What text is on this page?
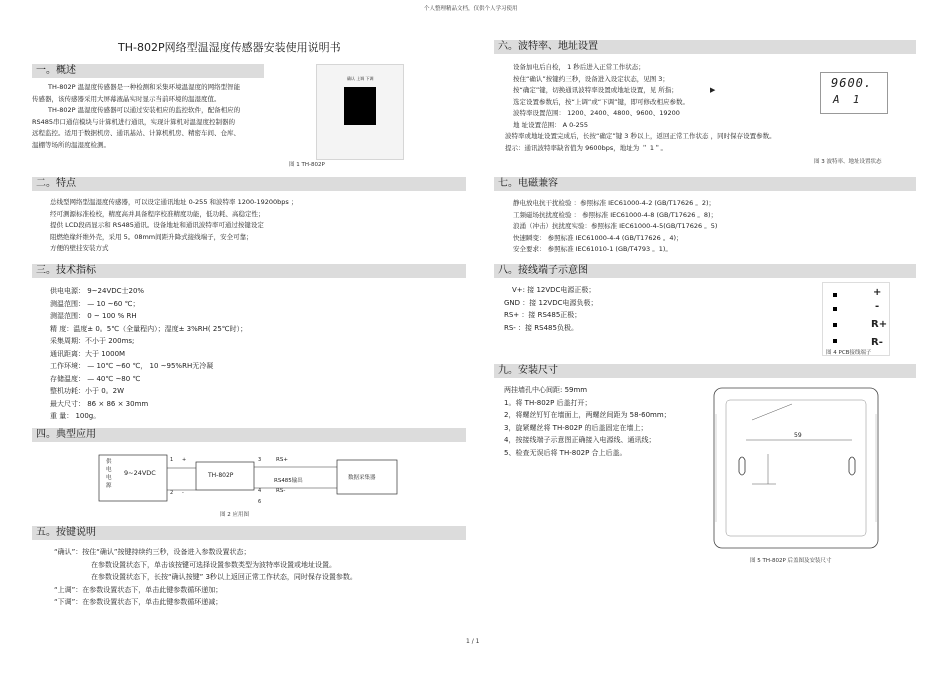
个人整理精品文档，仅供个人学习使用
TH-802P网络型温湿度传感器安装使用说明书
一。概述
TH-802P 温湿度传感器是一种检测和采集环境温湿度的网络型智能
传感器，该传感器采用大屏幕液晶实时显示当前环境的温湿度值。
TH-802P 温湿度传感器可以通过安装相应的监控软件，配备相应的
RS485串口通信模块与计算机进行通讯，实现计算机对温湿度控制器的
远程监控。适用于数据机房、通讯基站、计算机机房、精密车间、仓库、
温棚等场所的温湿度检测。
确认 上调 下调
图 1 TH-802P
二。特点
总线型网络型温湿度传感器，可以设定通讯地址 0-255 和波特率 1200-19200bps ；
经可测源标准检校，精度高并具备程序校准精度功能，低功耗、高稳定性；
提供 LCD段码显示和 RS485通讯。设备地址和通讯波特率可通过按键设定
阻燃绝缘纤维外壳，采用 5。08mm间距升降式接线端子，安全可靠；
方便的壁挂安装方式
三。技术指标
供电电源： 9~24VDC士20%
测温范围： — 10 ~60 ℃；
测湿范围： 0 ~ 100 % RH
精 度：温度± 0。5℃（全量程内）；湿度± 3%RH( 25℃时）；
采集周期：不小于 200ms;
通讯距离：大于 1000M
工作环境： — 10℃ ~60 ℃， 10 ~95%RH无冷凝
存储温度： — 40℃ ~80 ℃
整机功耗：小于 0。2W
最大尺寸： 86 × 86 × 30mm
重 量： 100g。
四。典型应用
供电电源
9~24VDC
1 +
2 -
TH-802P
3	RS+
RS485输出
4	RS-
6
数据采集器
图 2 应用图
五。按键说明
“确认”：按住“确认”按键持续约三秒，设备进入参数设置状态；
在参数设置状态下，单击该按键可选择设置参数类型为波特率设置或地址设置。
在参数设置状态下，长按“确认按键” 3秒以上返回正常工作状态，同时保存设置参数。
“上调”：在参数设置状态下，单击此键参数循环递加；
“下调”：在参数设置状态下，单击此键参数循环递减；
六。波特率、地址设置
设备加电后自检， 1 秒后进入正常工作状态；
按住“确认”按键约三秒，设备进入设定状态，见图 3；
按“确定”键，切换通讯波特率设置或地址设置，见 所指；	▶
选定设置参数后，按“上调”或“下调”键，即可修改相应参数。
波特率设置范围： 1200、2400、4800、9600、19200
地 址设置范围： A 0-255
波特率或地址设置完成后，长按“确定”键 3 秒以上，返回正常工作状态 ，同时保存设置参数。
提示：通讯波特率缺省值为 9600bps，地址为 ＂ 1＂。
9600.
A  1
图 3 波特率、地址设置状态
七。电磁兼容
静电放电抗干扰检验 ：参照标准 IEC61000-4-2 (GB/T17626 。2)；
工频磁场抗扰度检验 ： 参照标准 IEC61000-4-8 (GB/T17626 。8)；
浪涌（冲击）抗扰度实验：参照标准 IEC61000-4-5(GB/T17626 。5)
快速瞬变： 参照标准 IEC61000-4-4 (GB/T17626 。4)；
安全要求： 参照标准 IEC61010-1 (GB/T4793 。1)。
八。接线端子示意图
V+: 接 12VDC电源正极；
GND ：接 12VDC电源负极；
RS+ ：接 RS485正极；
RS- ：接 RS485负极。
+
-
R+
R-
图 4 PCB接线端子
九。安装尺寸
两挂墙孔中心间距: 59mm
1。将 TH-802P 后盖打开；
2，将螺丝钉钉在墙面上，两螺丝间距为 58-60mm；
3，旋紧螺丝将 TH-802P 的后盖固定在墙上；
4，按接线端子示意图正确接入电源线、通讯线；
5、检查无误后将 TH-802P 合上后盖。
59
图 5 TH-802P 后盖图及安装尺寸
1 / 1
